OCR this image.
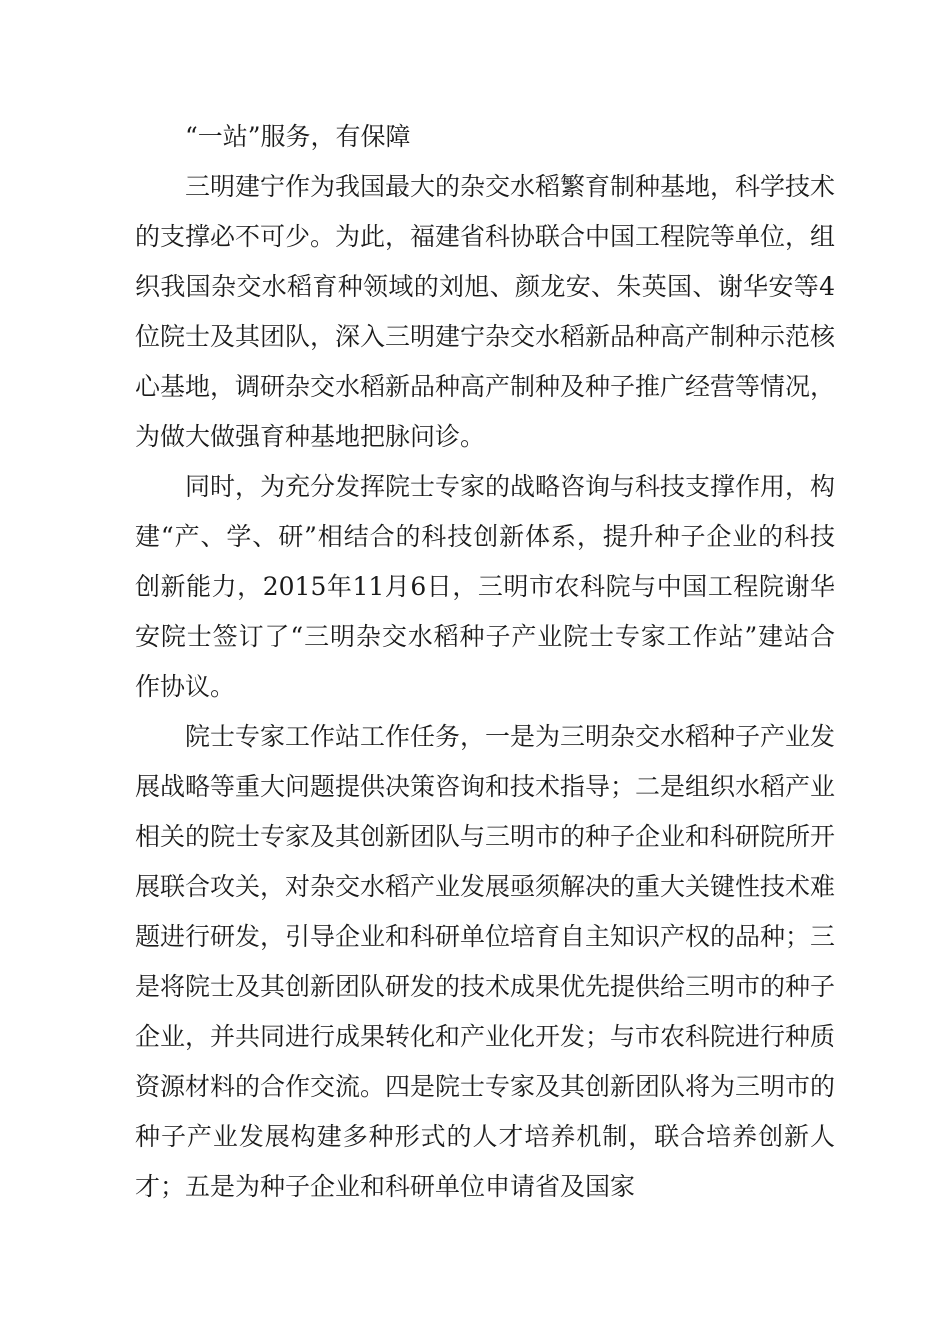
“一站”服务，有保障

三明建宁作为我国最大的杂交水稻繁育制种基地，科学技术的支撑必不可少。为此，福建省科协联合中国工程院等单位，组织我国杂交水稻育种领域的刘旭、颜龙安、朱英国、谢华安等4位院士及其团队，深入三明建宁杂交水稻新品种高产制种示范核心基地，调研杂交水稻新品种高产制种及种子推广经营等情况，为做大做强育种基地把脉问诊。

同时，为充分发挥院士专家的战略咨询与科技支撑作用，构建“产、学、研”相结合的科技创新体系，提升种子企业的科技创新能力，2015年11月6日，三明市农科院与中国工程院谢华安院士签订了“三明杂交水稻种子产业院士专家工作站”建站合作协议。

院士专家工作站工作任务，一是为三明杂交水稻种子产业发展战略等重大问题提供决策咨询和技术指导；二是组织水稻产业相关的院士专家及其创新团队与三明市的种子企业和科研院所开展联合攻关，对杂交水稻产业发展亟须解决的重大关键性技术难题进行研发，引导企业和科研单位培育自主知识产权的品种；三是将院士及其创新团队研发的技术成果优先提供给三明市的种子企业，并共同进行成果转化和产业化开发；与市农科院进行种质资源材料的合作交流。四是院士专家及其创新团队将为三明市的种子产业发展构建多种形式的人才培养机制，联合培养创新人才；五是为种子企业和科研单位申请省及国家
